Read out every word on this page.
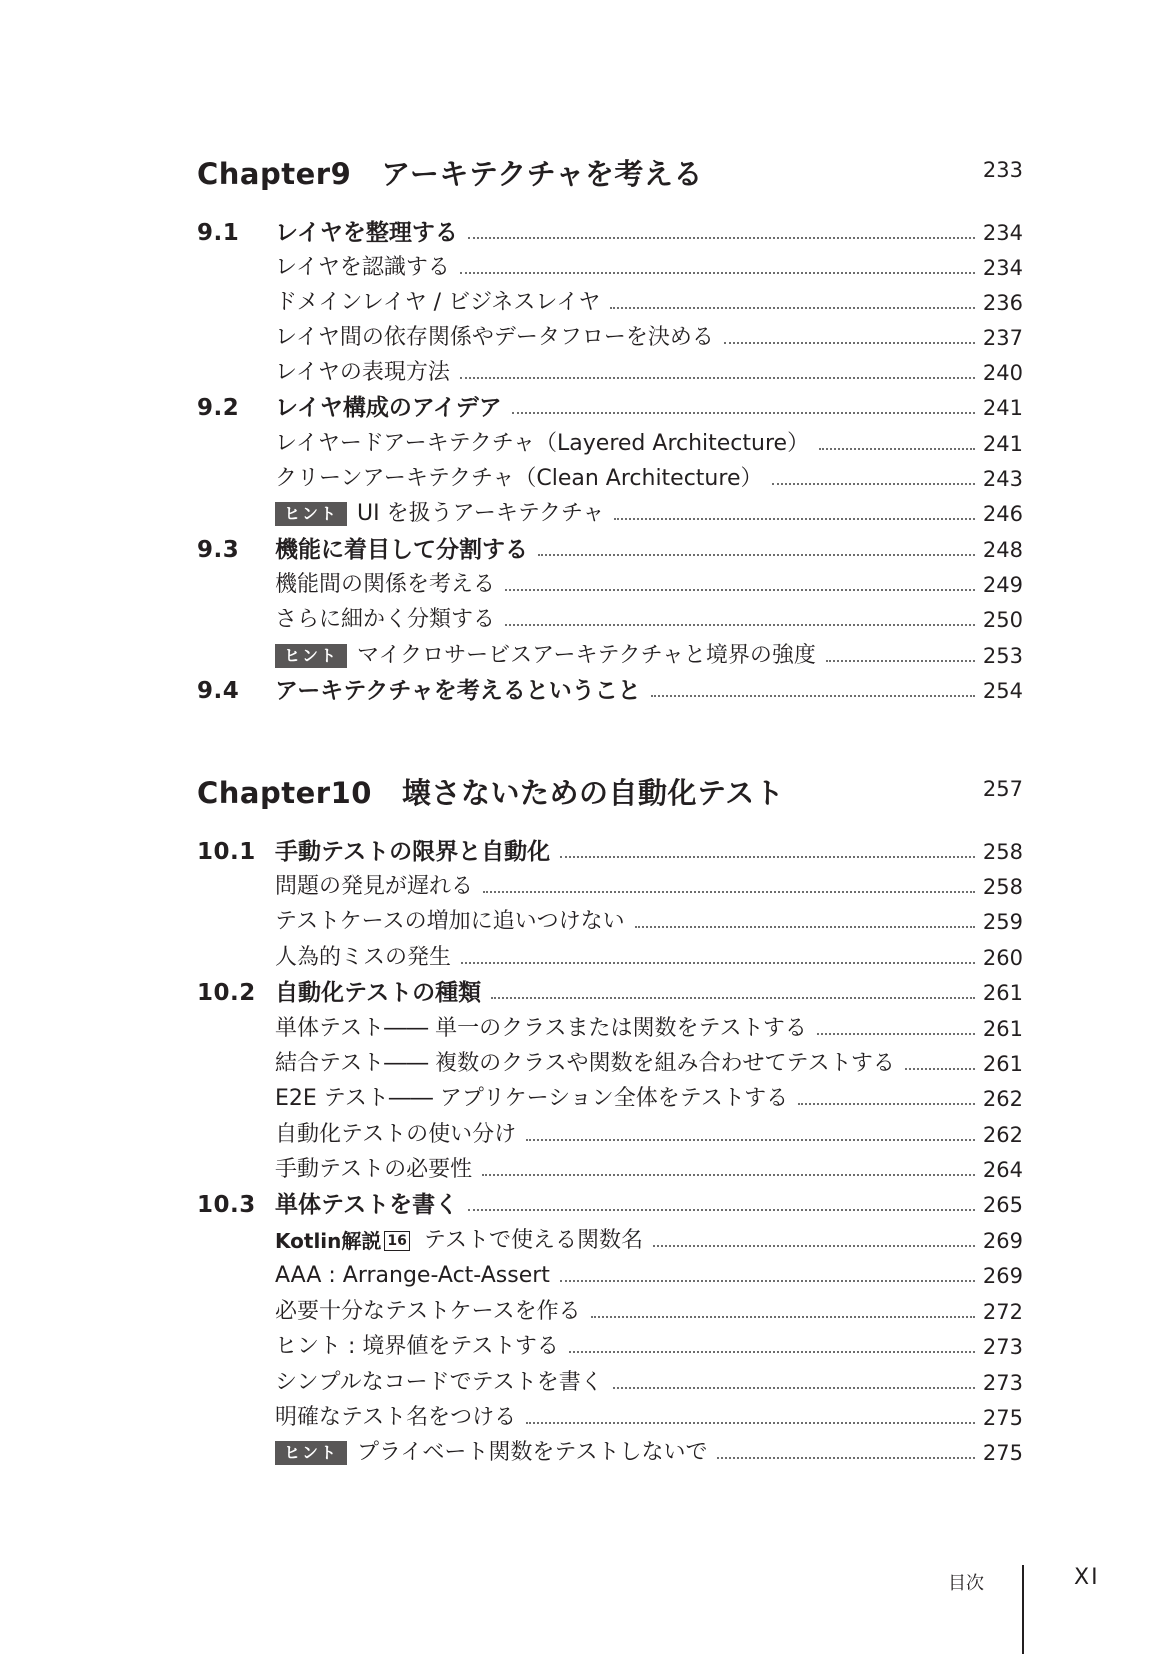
Chapter9 アーキテクチャを考える	233
9.1 レイヤを整理する	234
レイヤを認識する	234
ドメインレイヤ / ビジネスレイヤ	236
レイヤ間の依存関係やデータフローを決める	237
レイヤの表現方法	240
9.2 レイヤ構成のアイデア	241
レイヤードアーキテクチャ（Layered Architecture）	241
クリーンアーキテクチャ（Clean Architecture）	243
ヒント UI を扱うアーキテクチャ	246
9.3 機能に着目して分割する	248
機能間の関係を考える	249
さらに細かく分類する	250
ヒント マイクロサービスアーキテクチャと境界の強度	253
9.4 アーキテクチャを考えるということ	254
Chapter10 壊さないための自動化テスト	257
10.1 手動テストの限界と自動化	258
問題の発見が遅れる	258
テストケースの増加に追いつけない	259
人為的ミスの発生	260
10.2 自動化テストの種類	261
単体テスト―― 単一のクラスまたは関数をテストする	261
結合テスト―― 複数のクラスや関数を組み合わせてテストする	261
E2E テスト―― アプリケーション全体をテストする	262
自動化テストの使い分け	262
手動テストの必要性	264
10.3 単体テストを書く	265
Kotlin解説 16 テストで使える関数名	269
AAA : Arrange-Act-Assert	269
必要十分なテストケースを作る	272
ヒント : 境界値をテストする	273
シンプルなコードでテストを書く	273
明確なテスト名をつける	275
ヒント プライベート関数をテストしないで	275
目次	XI
